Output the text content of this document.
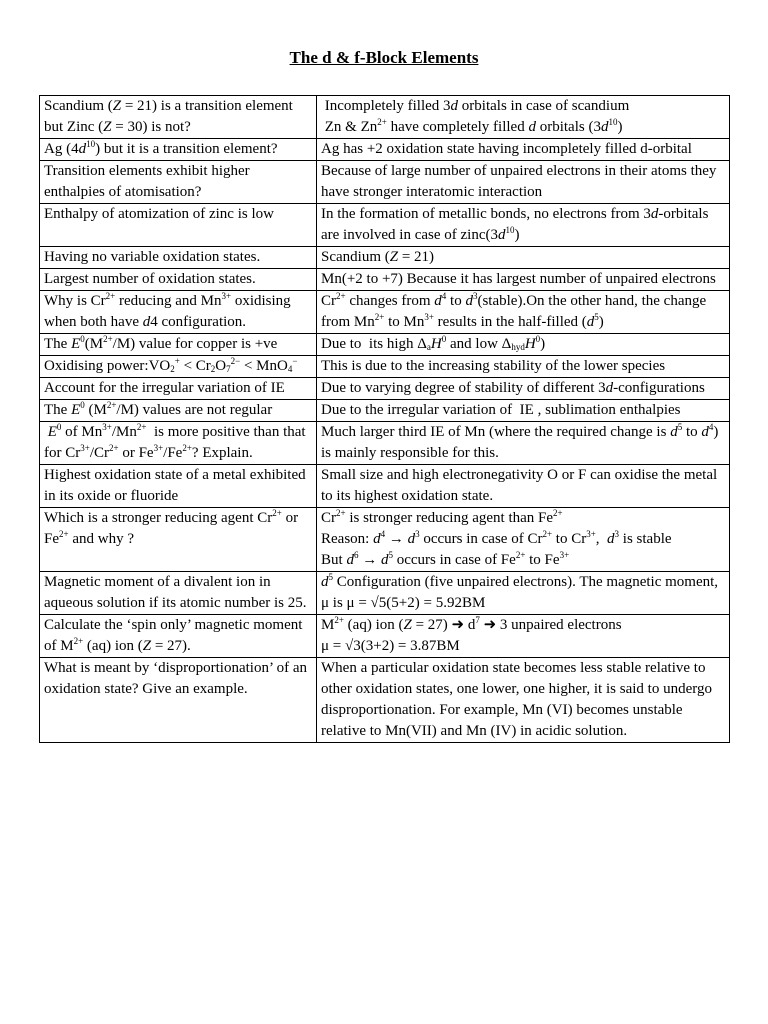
The d & f-Block Elements
Scandium (Z = 21) is a transition element but Zinc (Z = 30) is not?	Incompletely filled 3d orbitals in case of scandium
Zn & $Zn^{2+}$ have completely filled d orbitals $(3d^{10})$
Ag $(4d^{10})$ but it is a transition element?	Ag has +2 oxidation state having incompletely filled d-orbital
Transition elements exhibit higher enthalpies of atomisation?	Because of large number of unpaired electrons in their atoms they have stronger interatomic interaction
Enthalpy of atomization of zinc is low	In the formation of metallic bonds, no electrons from 3d-orbitals are involved in case of $zinc(3d^{10})$
Having no variable oxidation states.	Scandium (Z = 21)
Largest number of oxidation states.	Mn(+2 to +7) Because it has largest number of unpaired electrons
Why is $Cr^{2+}$ reducing and $Mn^{3+}$ oxidising when both have d4 configuration.	$Cr^{2+}$ changes from $d^4$ to $d^3(stable).On$ the other hand, the change from $Mn^{2+}$ to $Mn^{3+}$ results in the half-filled $(d^5)$
The $E^0(M^{2+}/M)$ value for copper is +ve	Due to  its high $\Delta_aH^0$ and low $\Delta_{hyd}H^0$)
Oxidising $power:VO_2^+ < Cr_2O_7^{2-} < MnO_4^-$	This is due to the increasing stability of the lower species
Account for the irregular variation of IE	Due to varying degree of stability of different 3d-configurations
The $E^0$ $(M^{2+}/M)$ values are not regular	Due to the irregular variation of  IE , sublimation enthalpies
$E^0$ of $Mn^{3+}/Mn^{2+}$  is more positive than that for $Cr^{3+}/Cr^{2+}$ or $Fe^{3+}/Fe^{2+}$? Explain.	Much larger third IE of Mn (where the required change is $d^5$ to $d^4$) is mainly responsible for this.
Highest oxidation state of a metal exhibited in its oxide or fluoride	Small size and high electronegativity O or F can oxidise the metal to its highest oxidation state.
Which is a stronger reducing agent $Cr^{2+}$ or $Fe^{2+}$ and why ?	$Cr^{2+}$ is stronger reducing agent than $Fe^{2+}$
Reason: $d^4 \to d^3$ occurs in case of $Cr^{2+}$ to $Cr^{3+}$,  $d^3$ is stable
But $d^6 \to d^5$ occurs in case of $Fe^{2+}$ to $Fe^{3+}$
Magnetic moment of a divalent ion in aqueous solution if its atomic number is 25.	$d^5$ Configuration (five unpaired electrons). The magnetic moment, μ is μ = √5(5+2) = 5.92BM
Calculate the ‘spin only’ magnetic moment of $M^{2+}$ (aq) ion (Z = 27).	$M^{2+}$ (aq) ion (Z = 27) ➜ $d^7$ ➜ 3 unpaired electrons
μ = √3(3+2) = 3.87BM
What is meant by ‘disproportionation’ of an oxidation state? Give an example.	When a particular oxidation state becomes less stable relative to other oxidation states, one lower, one higher, it is said to undergo disproportionation. For example, Mn (VI) becomes unstable relative to Mn(VII) and Mn (IV) in acidic solution.
